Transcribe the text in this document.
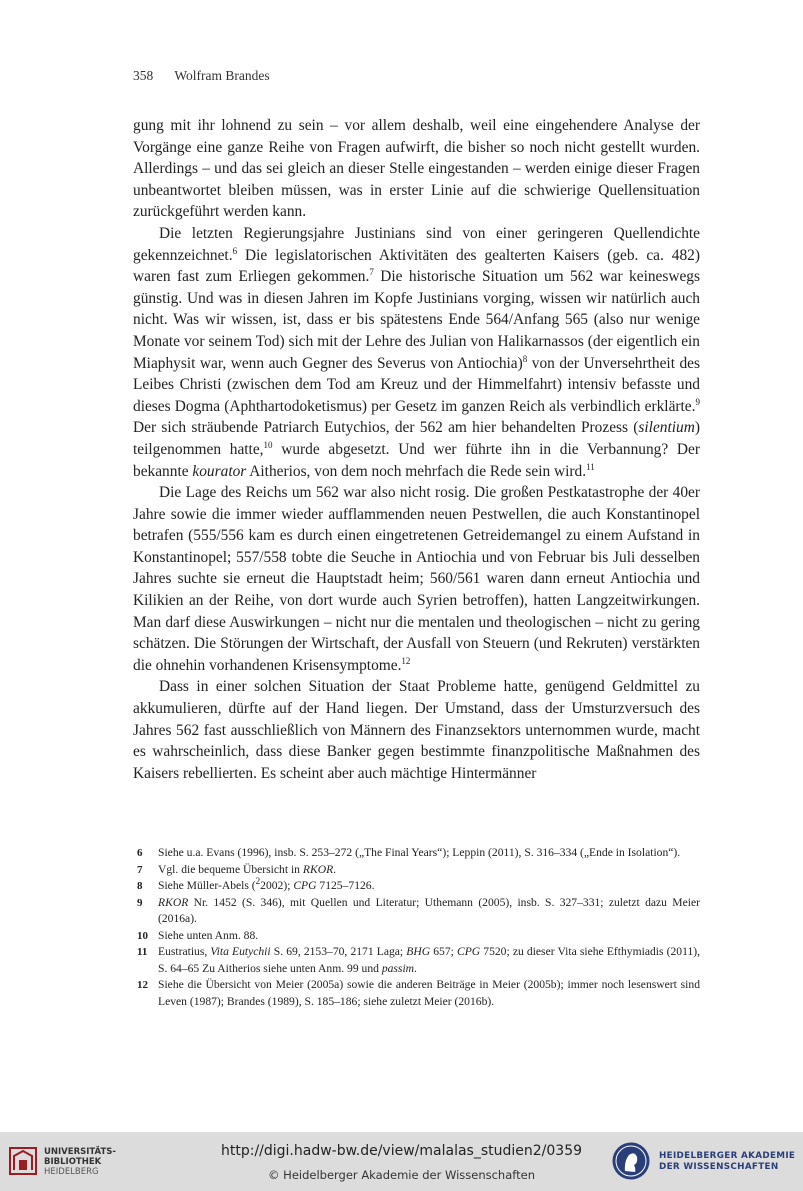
358 Wolfram Brandes

gung mit ihr lohnend zu sein – vor allem deshalb, weil eine eingehendere Analyse der Vorgänge eine ganze Reihe von Fragen aufwirft, die bisher so noch nicht gestellt wurden. Allerdings – und das sei gleich an dieser Stelle eingestanden – werden einige dieser Fragen unbeantwortet bleiben müssen, was in erster Linie auf die schwierige Quellensituation zurückgeführt werden kann.

Die letzten Regierungsjahre Justinians sind von einer geringeren Quellendichte gekennzeichnet.$^6$ Die legislatorischen Aktivitäten des gealterten Kaisers (geb. ca. 482) waren fast zum Erliegen gekommen.$^7$ Die historische Situation um 562 war keineswegs günstig. Und was in diesen Jahren im Kopfe Justinians vorging, wissen wir natürlich auch nicht. Was wir wissen, ist, dass er bis spätestens Ende 564/Anfang 565 (also nur wenige Monate vor seinem Tod) sich mit der Lehre des Julian von Halikarnassos (der eigentlich ein Miaphysit war, wenn auch Gegner des Severus von Antiochia)$^8$ von der Unversehrtheit des Leibes Christi (zwischen dem Tod am Kreuz und der Himmelfahrt) intensiv befasste und dieses Dogma (Aphthartodoketismus) per Gesetz im ganzen Reich als verbindlich erklärte.$^9$ Der sich sträubende Patriarch Eutychios, der 562 am hier behandelten Prozess (silentium) teilgenommen hatte,$^{10}$ wurde abgesetzt. Und wer führte ihn in die Verbannung? Der bekannte kourator Aitherios, von dem noch mehrfach die Rede sein wird.$^{11}$

Die Lage des Reichs um 562 war also nicht rosig. Die großen Pestkatastrophe der 40er Jahre sowie die immer wieder aufflammenden neuen Pestwellen, die auch Konstantinopel betrafen (555/556 kam es durch einen eingetretenen Getreidemangel zu einem Aufstand in Konstantinopel; 557/558 tobte die Seuche in Antiochia und von Februar bis Juli desselben Jahres suchte sie erneut die Hauptstadt heim; 560/561 waren dann erneut Antiochia und Kilikien an der Reihe, von dort wurde auch Syrien betroffen), hatten Langzeitwirkungen. Man darf diese Auswirkungen – nicht nur die mentalen und theologischen – nicht zu gering schätzen. Die Störungen der Wirtschaft, der Ausfall von Steuern (und Rekruten) verstärkten die ohnehin vorhandenen Krisensymptome.$^{12}$

Dass in einer solchen Situation der Staat Probleme hatte, genügend Geldmittel zu akkumulieren, dürfte auf der Hand liegen. Der Umstand, dass der Umsturzversuch des Jahres 562 fast ausschließlich von Männern des Finanzsektors unternommen wurde, macht es wahrscheinlich, dass diese Banker gegen bestimmte finanzpolitische Maßnahmen des Kaisers rebellierten. Es scheint aber auch mächtige Hintermänner

6 Siehe u.a. Evans (1996), insb. S. 253–272 („The Final Years“); Leppin (2011), S. 316–334 („Ende in Isolation“).
7 Vgl. die bequeme Übersicht in RKOR.
8 Siehe Müller-Abels ($^2$2002); CPG 7125–7126.
9 RKOR Nr. 1452 (S. 346), mit Quellen und Literatur; Uthemann (2005), insb. S. 327–331; zuletzt dazu Meier (2016a).
10 Siehe unten Anm. 88.
11 Eustratius, Vita Eutychii S. 69, 2153–70, 2171 Laga; BHG 657; CPG 7520; zu dieser Vita siehe Efthymiadis (2011), S. 64–65 Zu Aitherios siehe unten Anm. 99 und passim.
12 Siehe die Übersicht von Meier (2005a) sowie die anderen Beiträge in Meier (2005b); immer noch lesenswert sind Leven (1987); Brandes (1989), S. 185–186; siehe zuletzt Meier (2016b).
UNIVERSITÄTS-
BIBLIOTHEK
HEIDELBERG
http://digi.hadw-bw.de/view/malalas_studien2/0359
© Heidelberger Akademie der Wissenschaften
HEIDELBERGER AKADEMIE
DER WISSENSCHAFTEN
